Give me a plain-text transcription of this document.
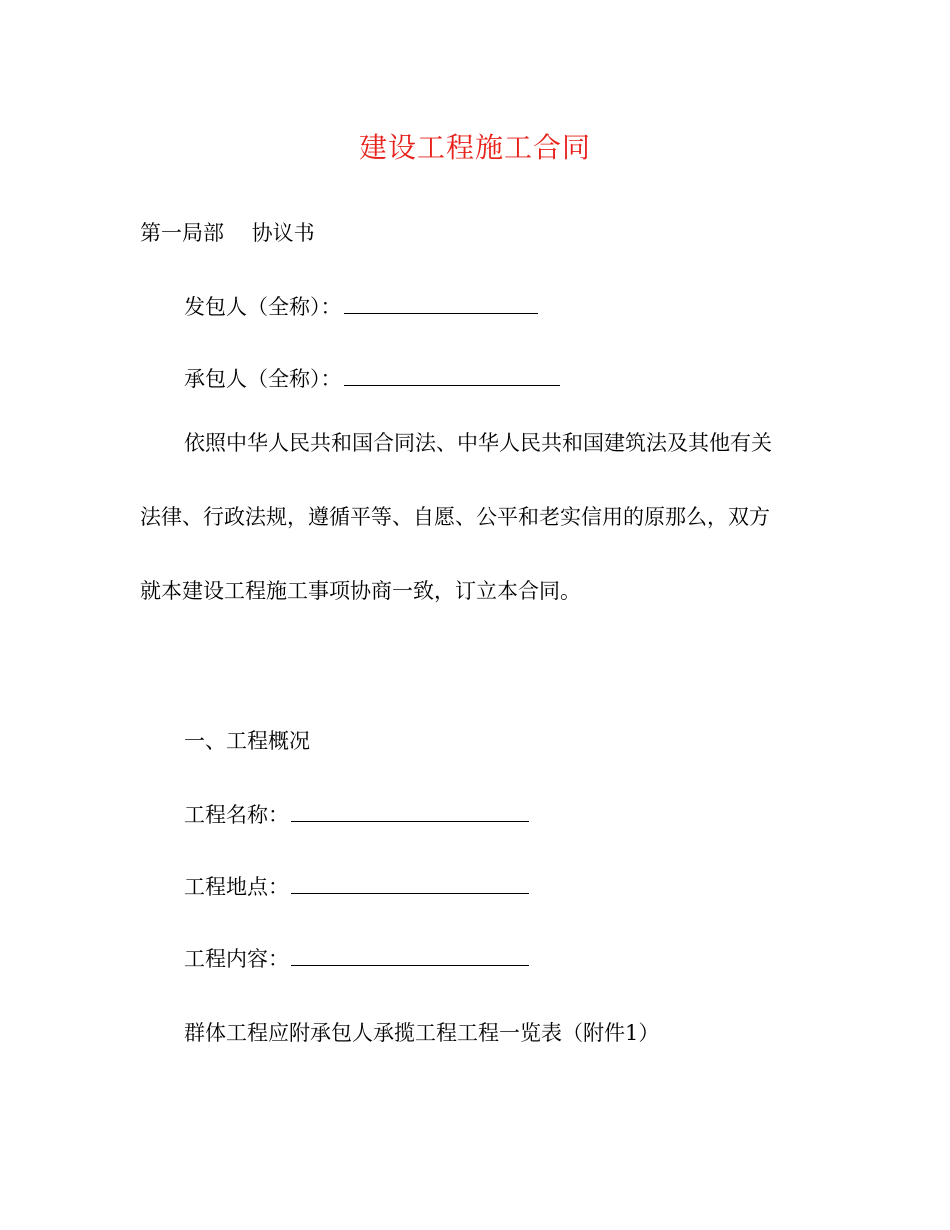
建设工程施工合同

第一局部　 协议书

发包人（全称）：

承包人（全称）：

依照中华人民共和国合同法、中华人民共和国建筑法及其他有关
法律、行政法规，遵循平等、自愿、公平和老实信用的原那么，双方
就本建设工程施工事项协商一致，订立本合同。

一、工程概况

工程名称：

工程地点：

工程内容：

群体工程应附承包人承揽工程工程一览表（附件1）
